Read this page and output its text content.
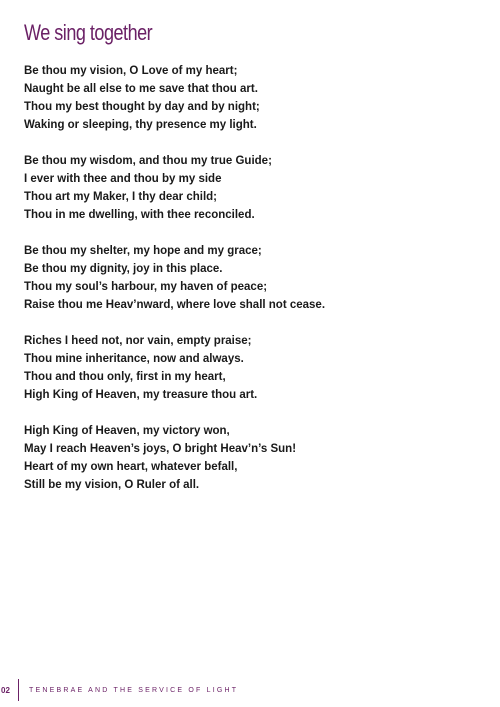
We sing together
Be thou my vision, O Love of my heart;
Naught be all else to me save that thou art.
Thou my best thought by day and by night;
Waking or sleeping, thy presence my light.
Be thou my wisdom, and thou my true Guide;
I ever with thee and thou by my side
Thou art my Maker, I thy dear child;
Thou in me dwelling, with thee reconciled.
Be thou my shelter, my hope and my grace;
Be thou my dignity, joy in this place.
Thou my soul’s harbour, my haven of peace;
Raise thou me Heav’nward, where love shall not cease.
Riches I heed not, nor vain, empty praise;
Thou mine inheritance, now and always.
Thou and thou only, first in my heart,
High King of Heaven, my treasure thou art.
High King of Heaven, my victory won,
May I reach Heaven’s joys, O bright Heav’n’s Sun!
Heart of my own heart, whatever befall,
Still be my vision, O Ruler of all.
02	TENEBRAE AND THE SERVICE OF LIGHT
